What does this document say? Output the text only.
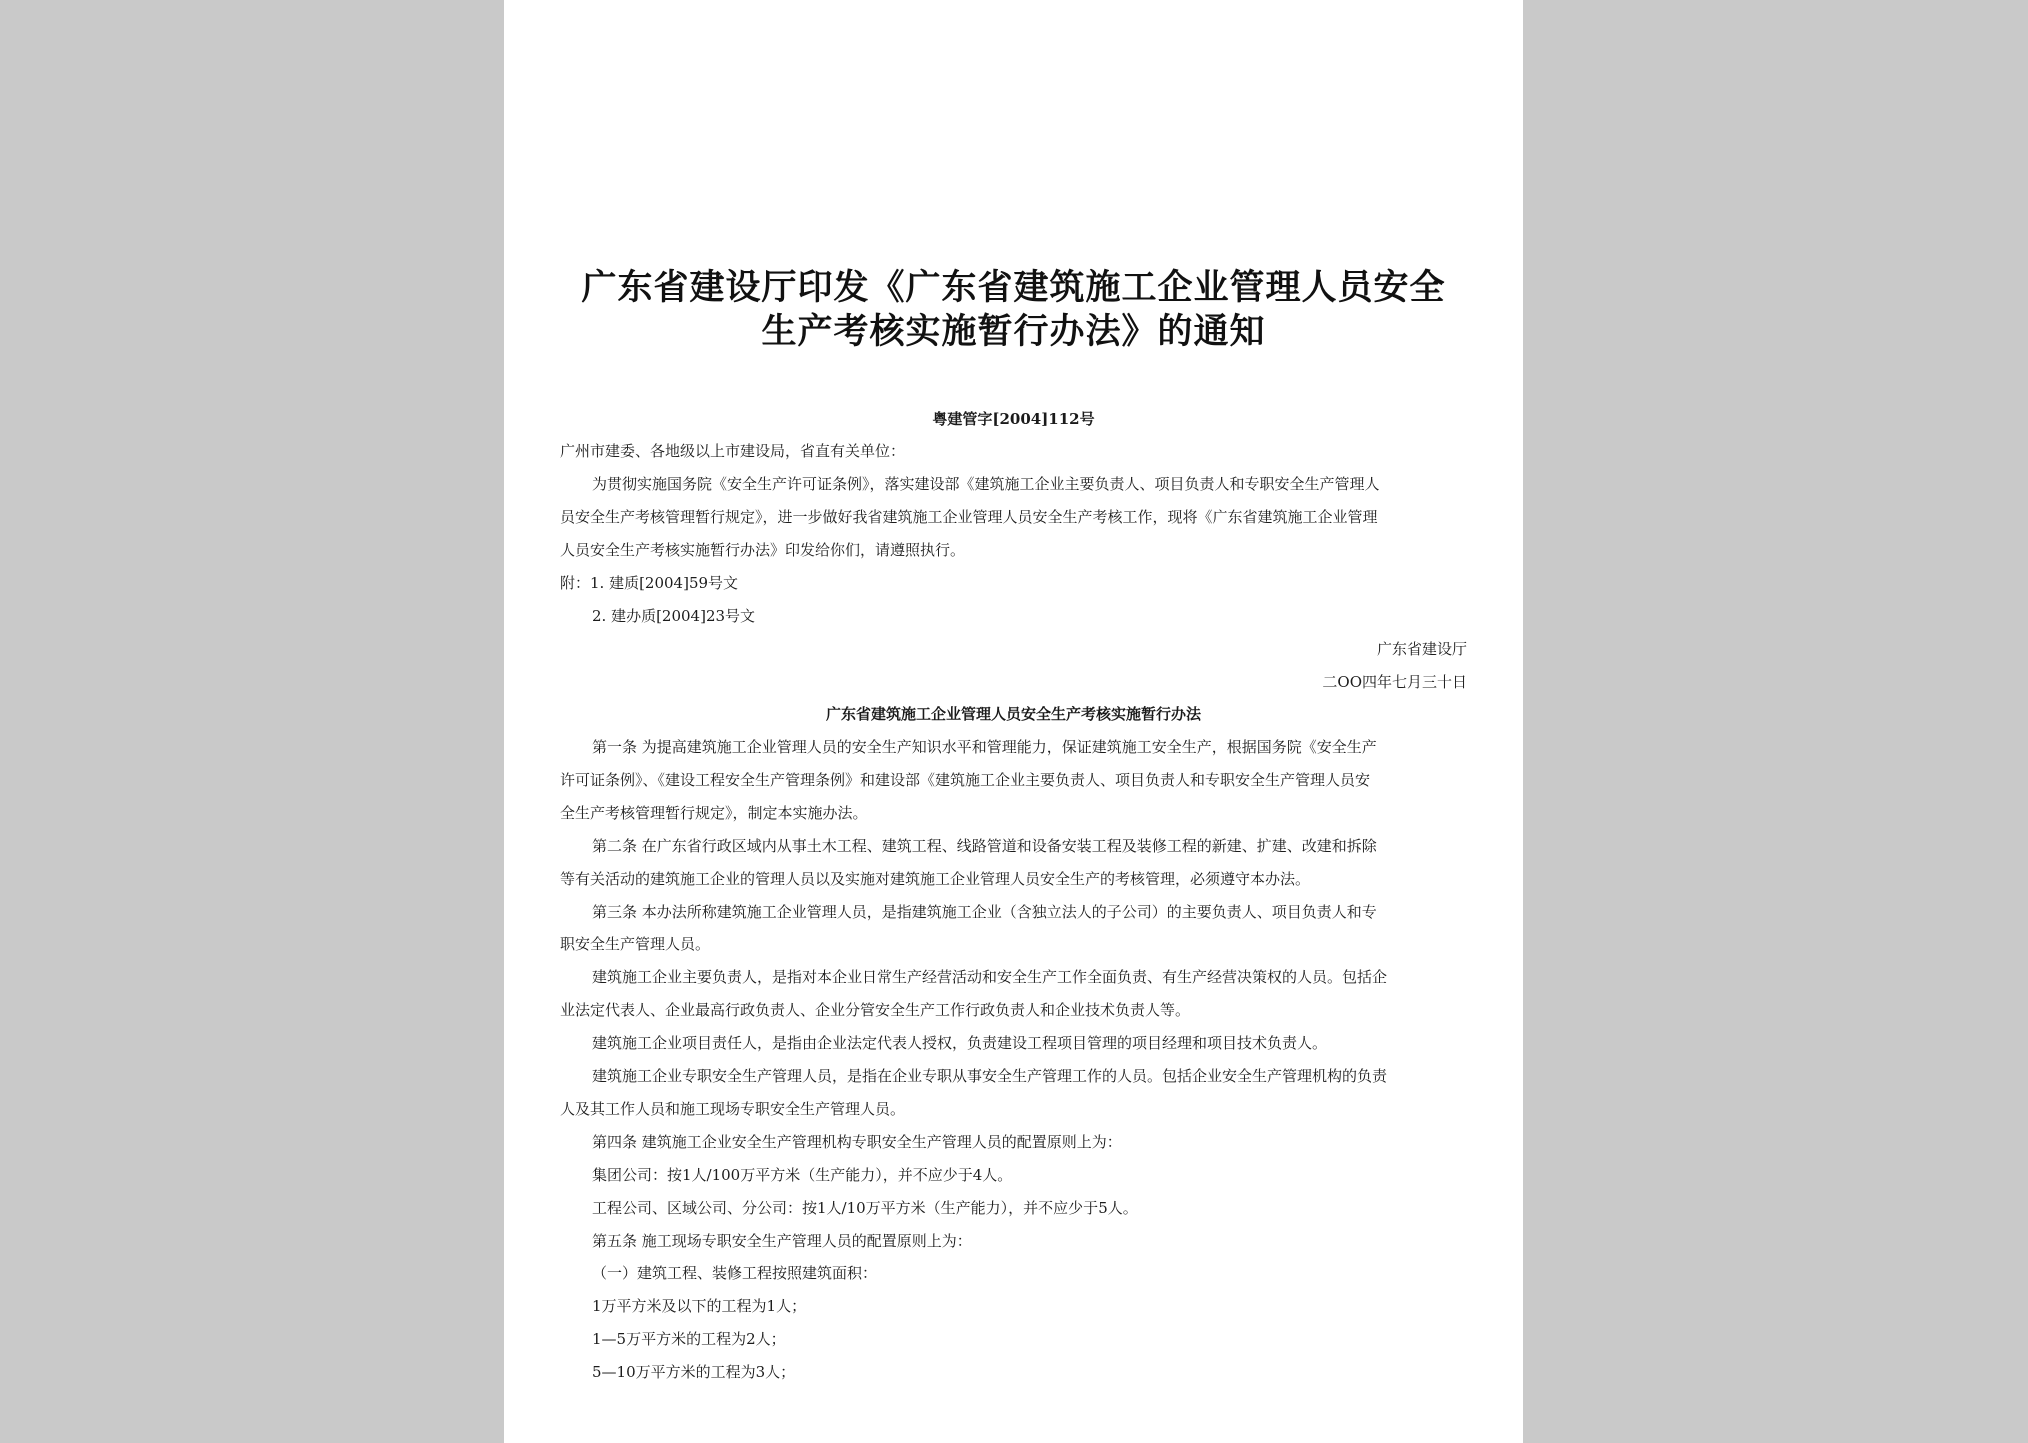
广东省建设厅印发《广东省建筑施工企业管理人员安全
生产考核实施暂行办法》的通知
粤建管字[2004]112号
广州市建委、各地级以上市建设局，省直有关单位：
为贯彻实施国务院《安全生产许可证条例》，落实建设部《建筑施工企业主要负责人、项目负责人和专职安全生产管理人
员安全生产考核管理暂行规定》，进一步做好我省建筑施工企业管理人员安全生产考核工作，现将《广东省建筑施工企业管理
人员安全生产考核实施暂行办法》印发给你们，请遵照执行。
附：1. 建质[2004]59号文
2. 建办质[2004]23号文
广东省建设厅
二OO四年七月三十日
广东省建筑施工企业管理人员安全生产考核实施暂行办法
第一条 为提高建筑施工企业管理人员的安全生产知识水平和管理能力，保证建筑施工安全生产，根据国务院《安全生产
许可证条例》、《建设工程安全生产管理条例》和建设部《建筑施工企业主要负责人、项目负责人和专职安全生产管理人员安
全生产考核管理暂行规定》，制定本实施办法。
第二条 在广东省行政区域内从事土木工程、建筑工程、线路管道和设备安装工程及装修工程的新建、扩建、改建和拆除
等有关活动的建筑施工企业的管理人员以及实施对建筑施工企业管理人员安全生产的考核管理，必须遵守本办法。
第三条 本办法所称建筑施工企业管理人员，是指建筑施工企业（含独立法人的子公司）的主要负责人、项目负责人和专
职安全生产管理人员。
建筑施工企业主要负责人，是指对本企业日常生产经营活动和安全生产工作全面负责、有生产经营决策权的人员。包括企
业法定代表人、企业最高行政负责人、企业分管安全生产工作行政负责人和企业技术负责人等。
建筑施工企业项目责任人，是指由企业法定代表人授权，负责建设工程项目管理的项目经理和项目技术负责人。
建筑施工企业专职安全生产管理人员，是指在企业专职从事安全生产管理工作的人员。包括企业安全生产管理机构的负责
人及其工作人员和施工现场专职安全生产管理人员。
第四条 建筑施工企业安全生产管理机构专职安全生产管理人员的配置原则上为：
集团公司：按1人/100万平方米（生产能力），并不应少于4人。
工程公司、区域公司、分公司：按1人/10万平方米（生产能力），并不应少于5人。
第五条 施工现场专职安全生产管理人员的配置原则上为：
（一）建筑工程、装修工程按照建筑面积：
1万平方米及以下的工程为1人；
1—5万平方米的工程为2人；
5—10万平方米的工程为3人；
